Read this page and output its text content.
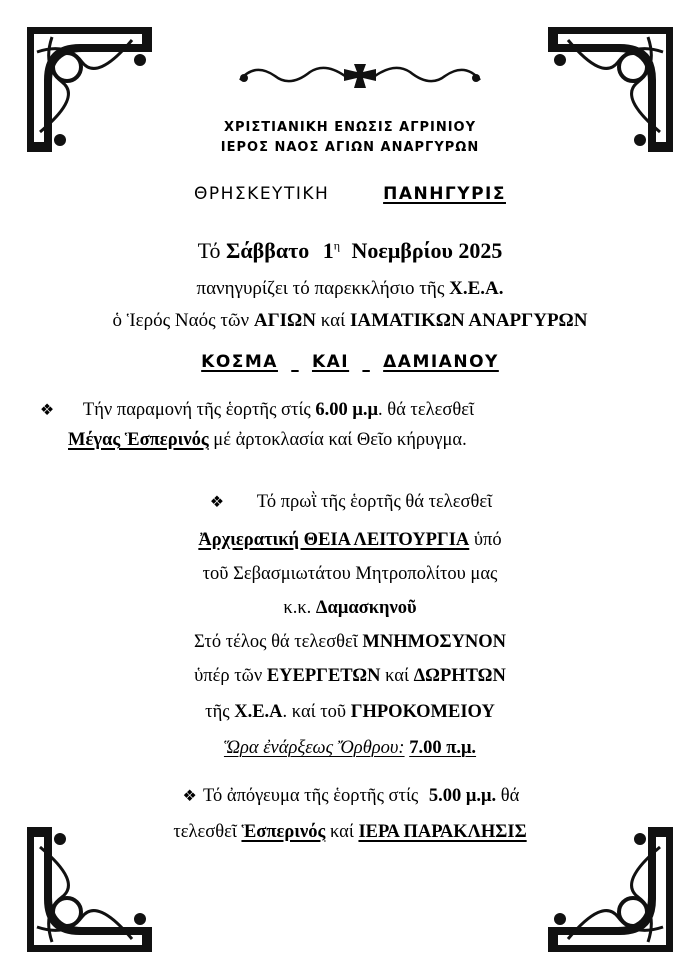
ΧΡΙΣΤΙΑΝΙΚΗ ΕΝΩΣΙΣ ΑΓΡΙΝΙΟΥ
ΙΕΡΟΣ ΝΑΟΣ ΑΓΙΩΝ ΑΝΑΡΓΥΡΩΝ
ΘΡΗΣΚΕΥΤΙΚΗ	ΠΑΝΗΓΥΡΙΣ
Τό Σάββατο $1^\eta$ Νοεμβρίου 2025
πανηγυρίζει τό παρεκκλήσιο τῆς Χ.Ε.Α.
ὁ Ἱερός Ναός τῶν ΑΓΙΩΝ καί ΙΑΜΑΤΙΚΩΝ ΑΝΑΡΓΥΡΩΝ
ΚΟΣΜΑ ΚΑΙ ΔΑΜΙΑΝΟΥ
❖ Τήν παραμονή τῆς ἑορτῆς στίς 6.00 μ.μ. θά τελεσθεῖ
Μέγας Ἑσπερινός μέ ἀρτοκλασία καί Θεῖο κήρυγμα.
❖ Τό πρωῒ τῆς ἑορτῆς θά τελεσθεῖ
Ἀρχιερατική ΘΕΙΑ ΛΕΙΤΟΥΡΓΙΑ ὑπό
τοῦ Σεβασμιωτάτου Μητροπολίτου μας
κ.κ. Δαμασκηνοῦ
Στό τέλος θά τελεσθεῖ ΜΝΗΜΟΣΥΝΟΝ
ὑπέρ τῶν ΕΥΕΡΓΕΤΩΝ καί ΔΩΡΗΤΩΝ
τῆς Χ.Ε.Α. καί τοῦ ΓΗΡΟΚΟΜΕΙΟΥ
Ὥρα ἐνάρξεως Ὄρθρου: 7.00 π.μ.
❖ Τό ἀπόγευμα τῆς ἑορτῆς στίς 5.00 μ.μ. θά
τελεσθεῖ Ἑσπερινός καί ΙΕΡΑ ΠΑΡΑΚΛΗΣΙΣ
